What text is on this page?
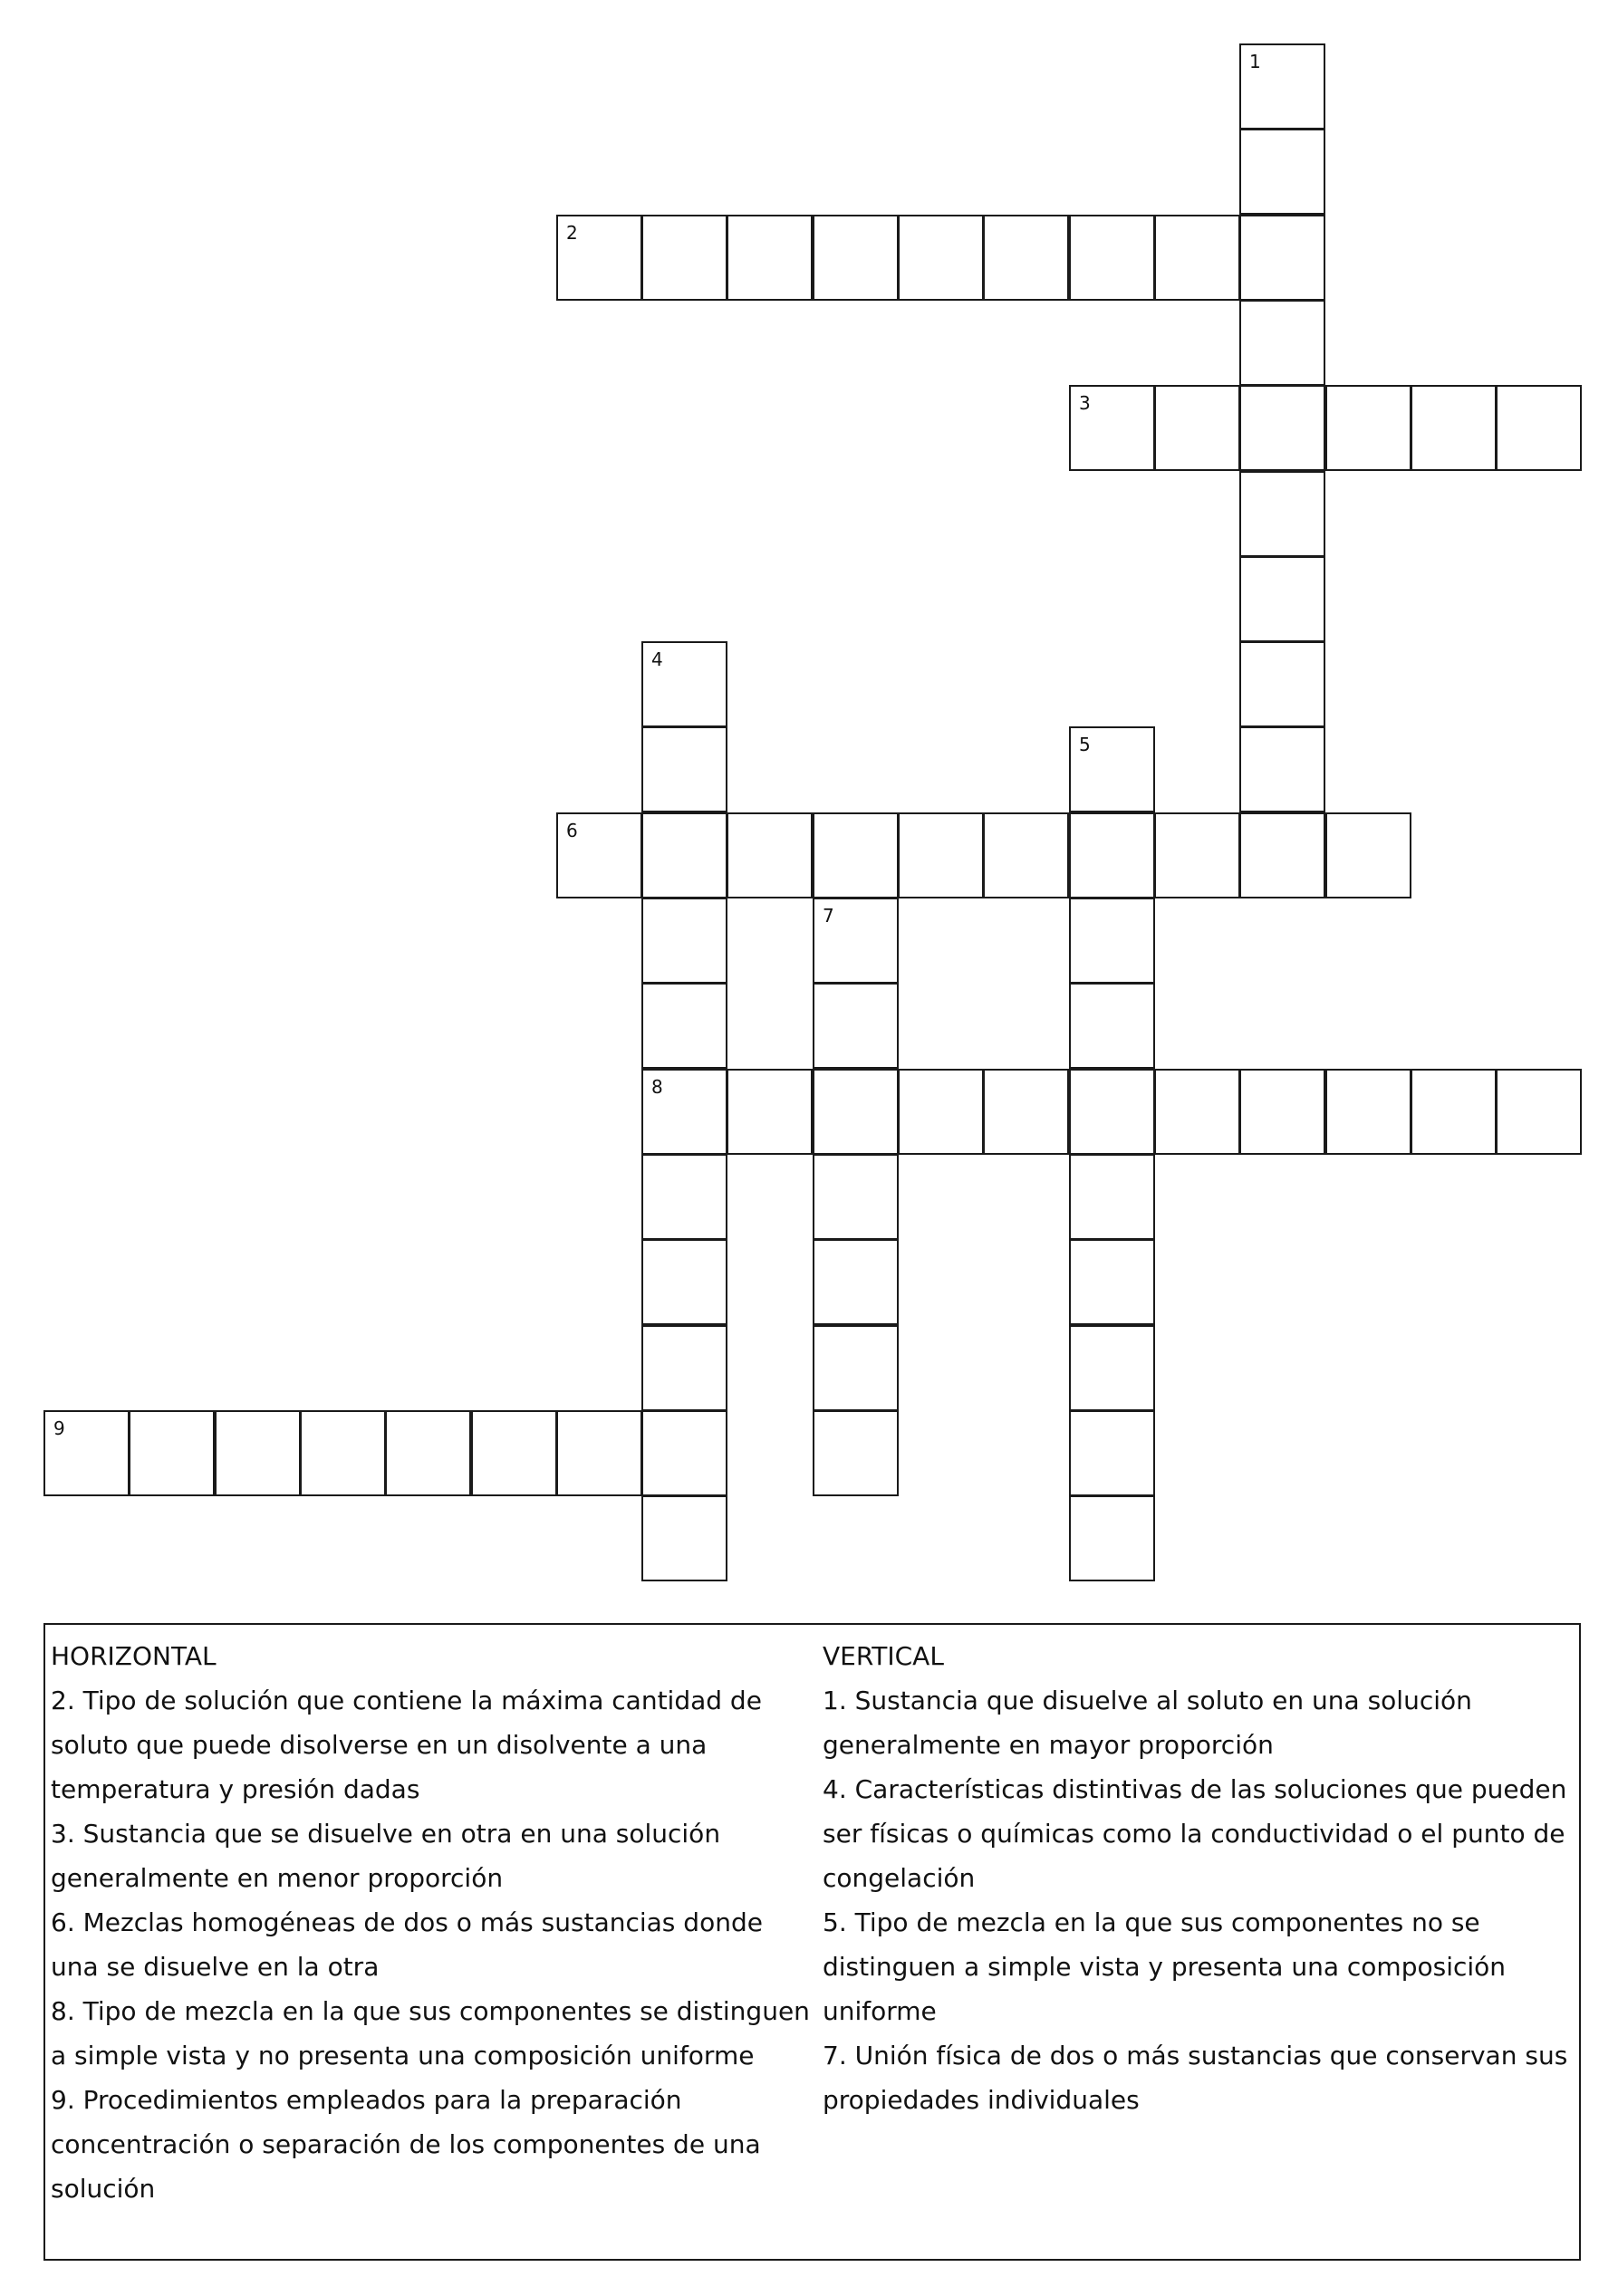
1
2
3
4
5
6
7
8
9

HORIZONTAL

2. Tipo de solución que contiene la máxima cantidad de soluto que puede disolverse en un disolvente a una temperatura y presión dadas

3. Sustancia que se disuelve en otra en una solución generalmente en menor proporción

6. Mezclas homogéneas de dos o más sustancias donde una se disuelve en la otra

8. Tipo de mezcla en la que sus componentes se distinguen a simple vista y no presenta una composición uniforme

9. Procedimientos empleados para la preparación concentración o separación de los componentes de una solución

VERTICAL

1. Sustancia que disuelve al soluto en una solución generalmente en mayor proporción

4. Características distintivas de las soluciones que pueden ser físicas o químicas como la conductividad o el punto de congelación

5. Tipo de mezcla en la que sus componentes no se distinguen a simple vista y presenta una composición uniforme

7. Unión física de dos o más sustancias que conservan sus propiedades individuales
